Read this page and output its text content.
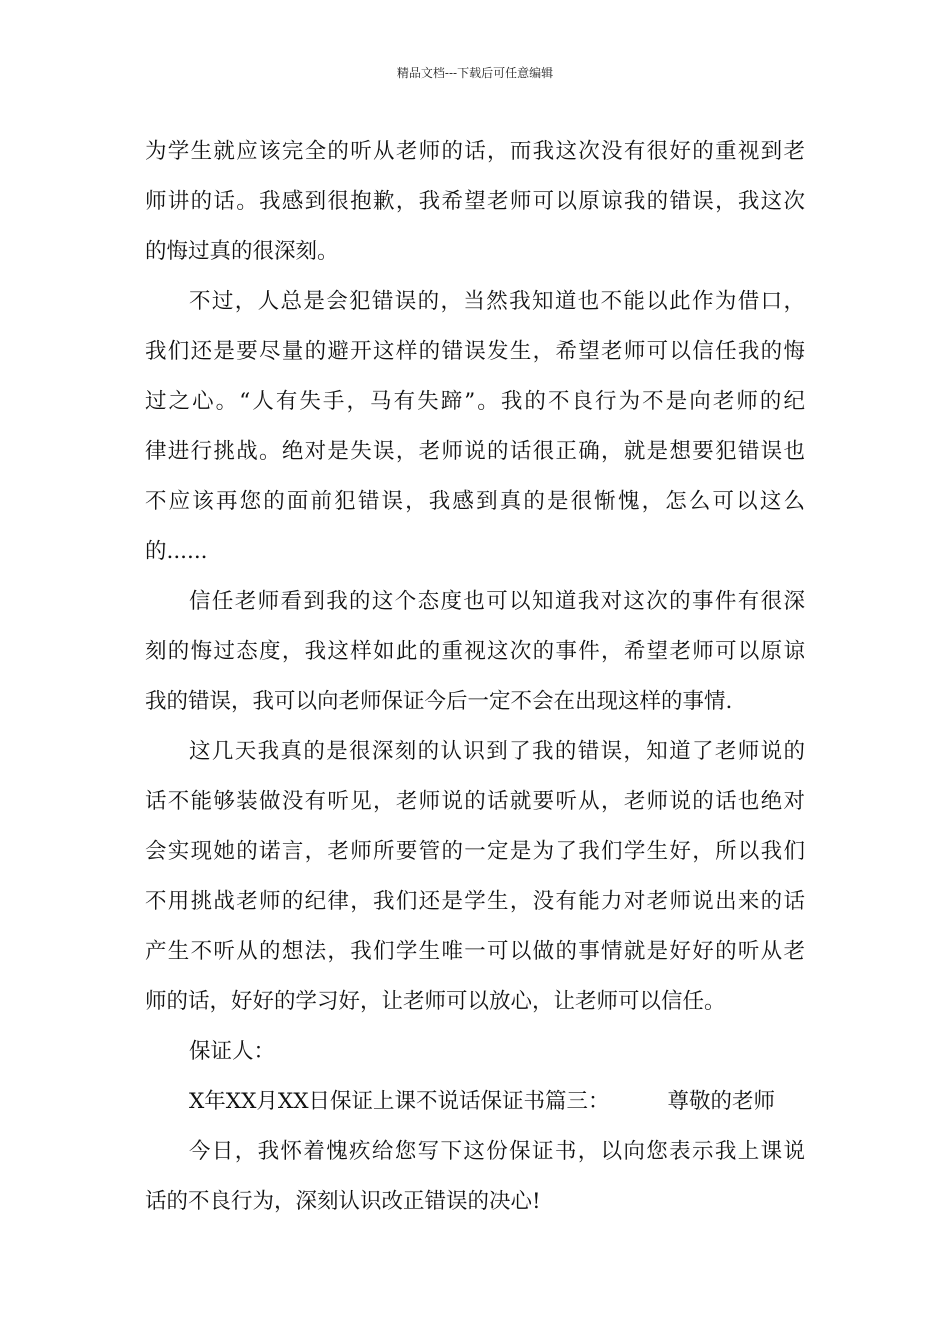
精品文档---下载后可任意编辑
为学生就应该完全的听从老师的话，而我这次没有很好的重视到老
师讲的话。我感到很抱歉，我希望老师可以原谅我的错误，我这次
的悔过真的很深刻。
不过，人总是会犯错误的，当然我知道也不能以此作为借口，
我们还是要尽量的避开这样的错误发生，希望老师可以信任我的悔
过之心。“人有失手，马有失蹄”。我的不良行为不是向老师的纪
律进行挑战。绝对是失误，老师说的话很正确，就是想要犯错误也
不应该再您的面前犯错误，我感到真的是很惭愧，怎么可以这么
的......
信任老师看到我的这个态度也可以知道我对这次的事件有很深
刻的悔过态度，我这样如此的重视这次的事件，希望老师可以原谅
我的错误，我可以向老师保证今后一定不会在出现这样的事情.
这几天我真的是很深刻的认识到了我的错误，知道了老师说的
话不能够装做没有听见，老师说的话就要听从，老师说的话也绝对
会实现她的诺言，老师所要管的一定是为了我们学生好，所以我们
不用挑战老师的纪律，我们还是学生，没有能力对老师说出来的话
产生不听从的想法，我们学生唯一可以做的事情就是好好的听从老
师的话，好好的学习好，让老师可以放心，让老师可以信任。
保证人：
X年XX月XX日保证上课不说话保证书篇三：	尊敬的老师
今日，我怀着愧疚给您写下这份保证书，以向您表示我上课说
话的不良行为，深刻认识改正错误的决心!
